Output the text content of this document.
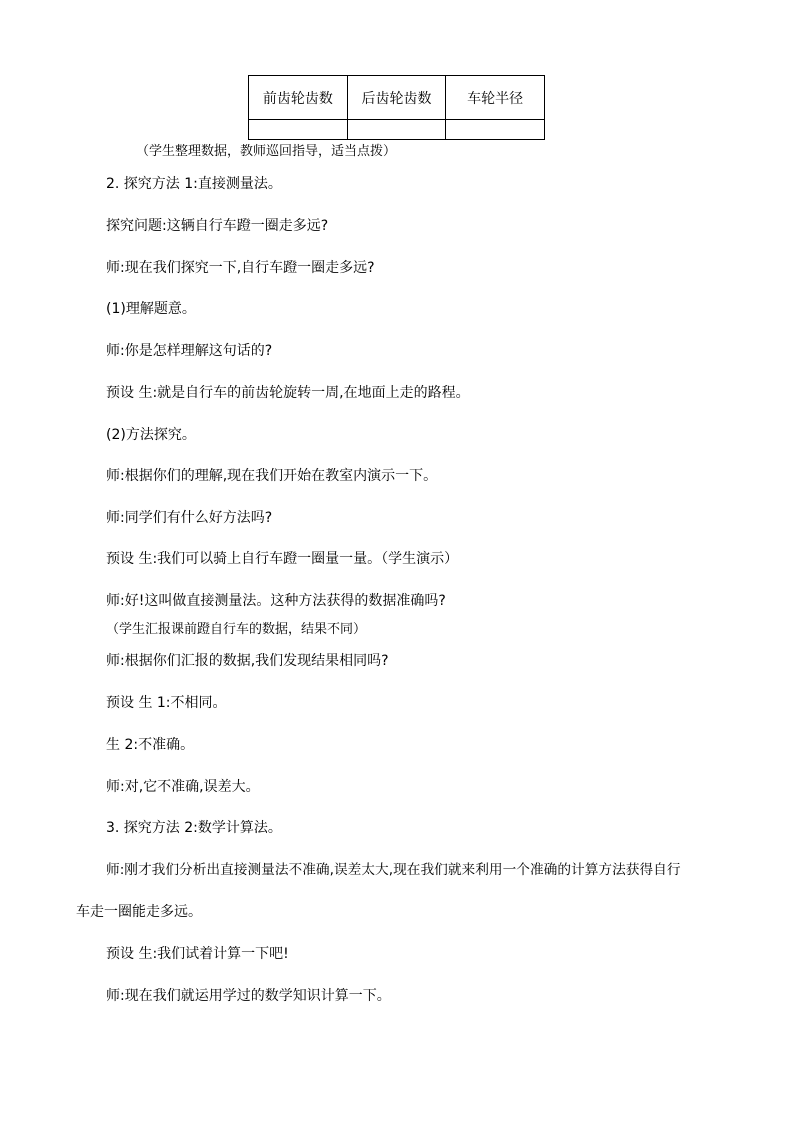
前齿轮齿数	后齿轮齿数	车轮半径

（学生整理数据，教师巡回指导，适当点拨）
2. 探究方法 1:直接测量法。
探究问题:这辆自行车蹬一圈走多远?
师:现在我们探究一下,自行车蹬一圈走多远?
(1)理解题意。
师:你是怎样理解这句话的?
预设 生:就是自行车的前齿轮旋转一周,在地面上走的路程。
(2)方法探究。
师:根据你们的理解,现在我们开始在教室内演示一下。
师:同学们有什么好方法吗?
预设 生:我们可以骑上自行车蹬一圈量一量。（学生演示）
师:好!这叫做直接测量法。这种方法获得的数据准确吗?
（学生汇报课前蹬自行车的数据，结果不同）
师:根据你们汇报的数据,我们发现结果相同吗?
预设 生 1:不相同。
生 2:不准确。
师:对,它不准确,误差大。
3. 探究方法 2:数学计算法。
师:刚才我们分析出直接测量法不准确,误差太大,现在我们就来利用一个准确的计算方法获得自行
车走一圈能走多远。
预设 生:我们试着计算一下吧!
师:现在我们就运用学过的数学知识计算一下。
